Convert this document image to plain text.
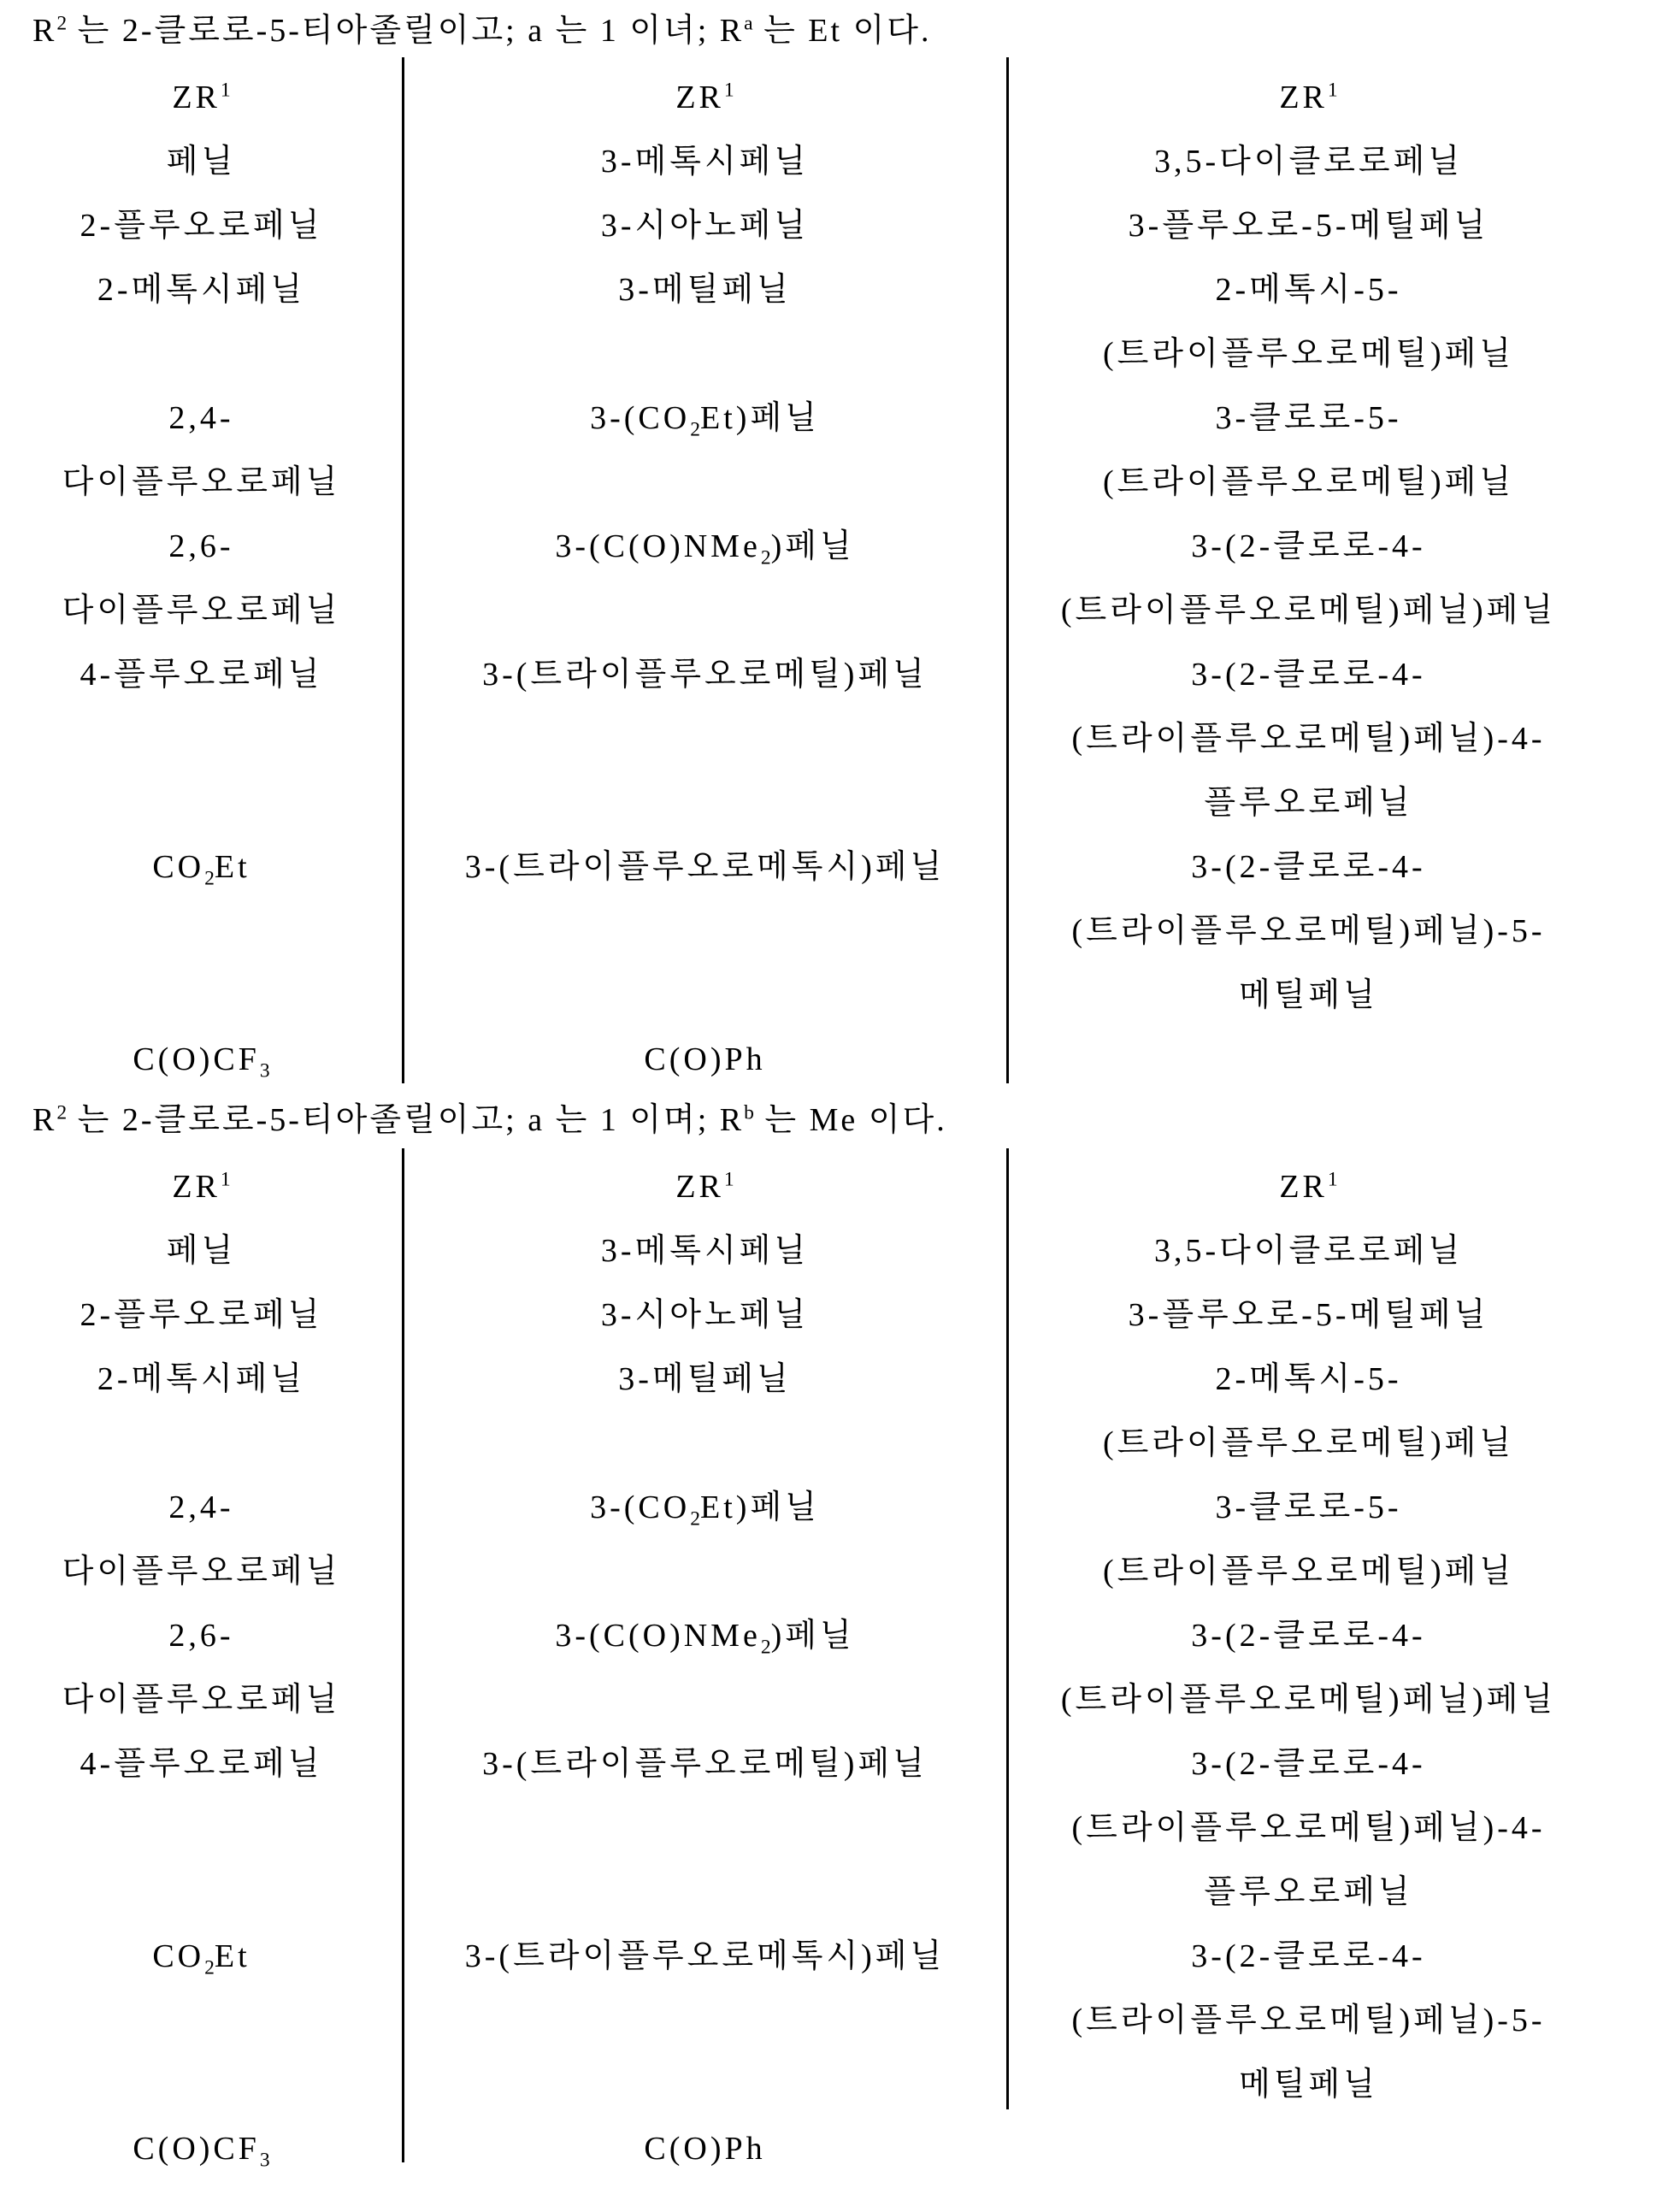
$R^2$ 는 2-클로로-5-티아졸릴이고; a 는 1 이녀; $R^a$ 는 Et 이다.
$ZR^1$
페닐
2-플루오로페닐
2-메톡시페닐
2,4-
다이플루오로페닐
2,6-
다이플루오로페닐
4-플루오로페닐
$CO_2Et$
$C(O)CF_3$
$ZR^1$
3-메톡시페닐
3-시아노페닐
3-메틸페닐
$3-(CO_2Et)$페닐
3-(C(O)NMe$_2$)페닐
3-(트라이플루오로메틸)페닐
3-(트라이플루오로메톡시)페닐
C(O)Ph
$ZR^1$
3,5-다이클로로페닐
3-플루오로-5-메틸페닐
2-메톡시-5-
(트라이플루오로메틸)페닐
3-클로로-5-
(트라이플루오로메틸)페닐
3-(2-클로로-4-
(트라이플루오로메틸)페닐)페닐
3-(2-클로로-4-
(트라이플루오로메틸)페닐)-4-
플루오로페닐
3-(2-클로로-4-
(트라이플루오로메틸)페닐)-5-
메틸페닐
$R^2$ 는 2-클로로-5-티아졸릴이고; a 는 1 이며; $R^b$ 는 Me 이다.
$ZR^1$
페닐
2-플루오로페닐
2-메톡시페닐
2,4-
다이플루오로페닐
2,6-
다이플루오로페닐
4-플루오로페닐
$CO_2Et$
$C(O)CF_3$
$ZR^1$
3-메톡시페닐
3-시아노페닐
3-메틸페닐
$3-(CO_2Et)$페닐
3-(C(O)NMe$_2$)페닐
3-(트라이플루오로메틸)페닐
3-(트라이플루오로메톡시)페닐
C(O)Ph
$ZR^1$
3,5-다이클로로페닐
3-플루오로-5-메틸페닐
2-메톡시-5-
(트라이플루오로메틸)페닐
3-클로로-5-
(트라이플루오로메틸)페닐
3-(2-클로로-4-
(트라이플루오로메틸)페닐)페닐
3-(2-클로로-4-
(트라이플루오로메틸)페닐)-4-
플루오로페닐
3-(2-클로로-4-
(트라이플루오로메틸)페닐)-5-
메틸페닐
